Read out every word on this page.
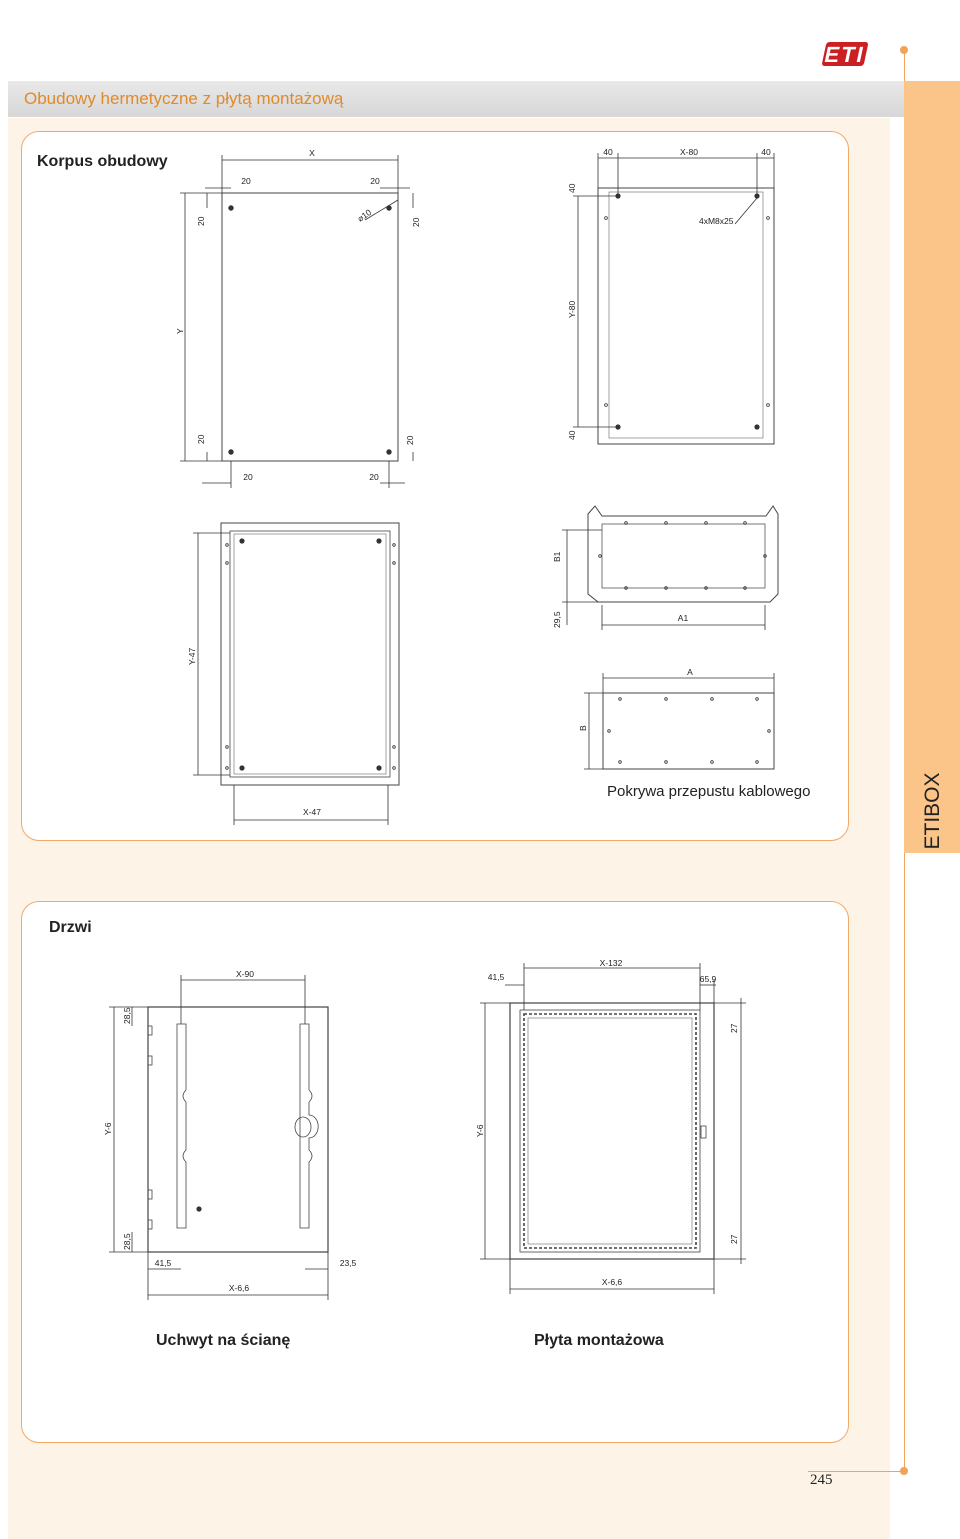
ETI
Obudowy hermetyczne z płytą montażową
ETIBOX
Korpus obudowy	X
20	20
20	20
Y
20	20
20	20
⌀10
40	X-80	40
40
Y-80
40
4xM8x25
Y-47
X-47
B1
29,5	A1
A
B
Pokrywa przepustu kablowego
Drzwi
X-90
Y-6
28,5
28,5
41,5	23,5
X-6,6
41,5
X-132
65,9
27
27
Y-6
X-6,6
Uchwyt na ścianę	Płyta montażowa
245
